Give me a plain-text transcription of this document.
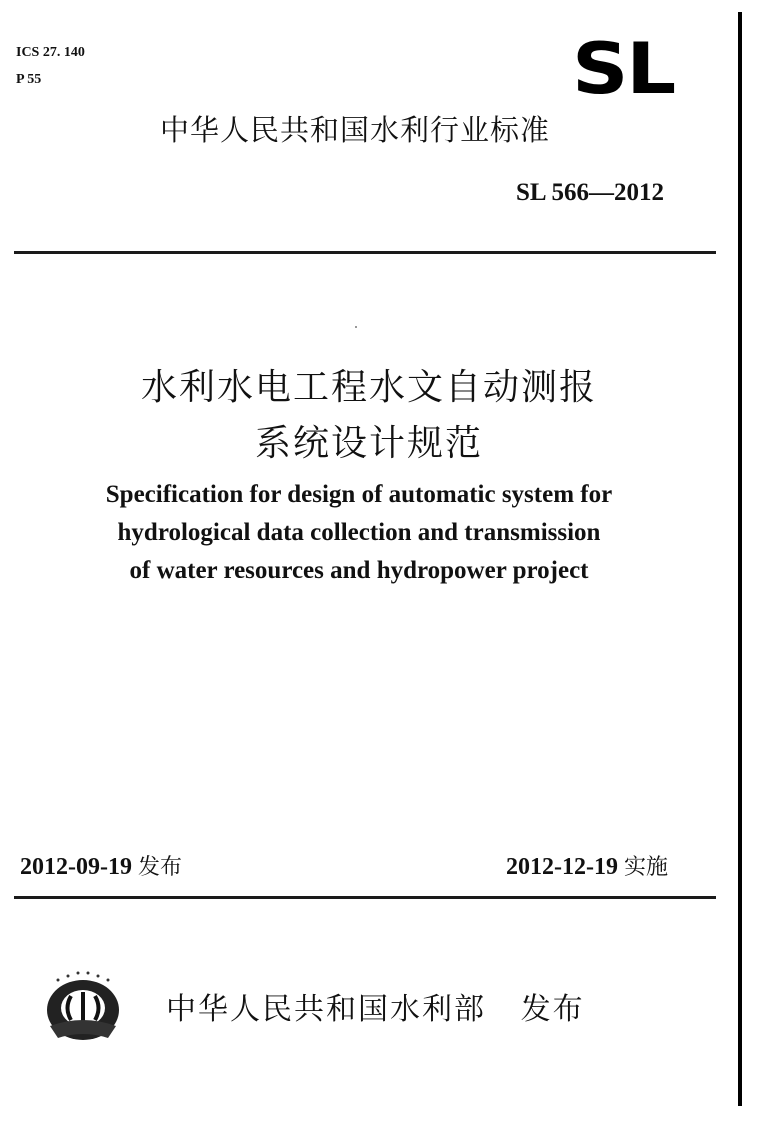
ICS 27. 140
P 55	SL
中华人民共和国水利行业标准
SL 566—2012
水利水电工程水文自动测报
系统设计规范
Specification for design of automatic system for
hydrological data collection and transmission
of water resources and hydropower project
2012-09-19 发布	2012-12-19 实施
中华人民共和国水利部 发布
